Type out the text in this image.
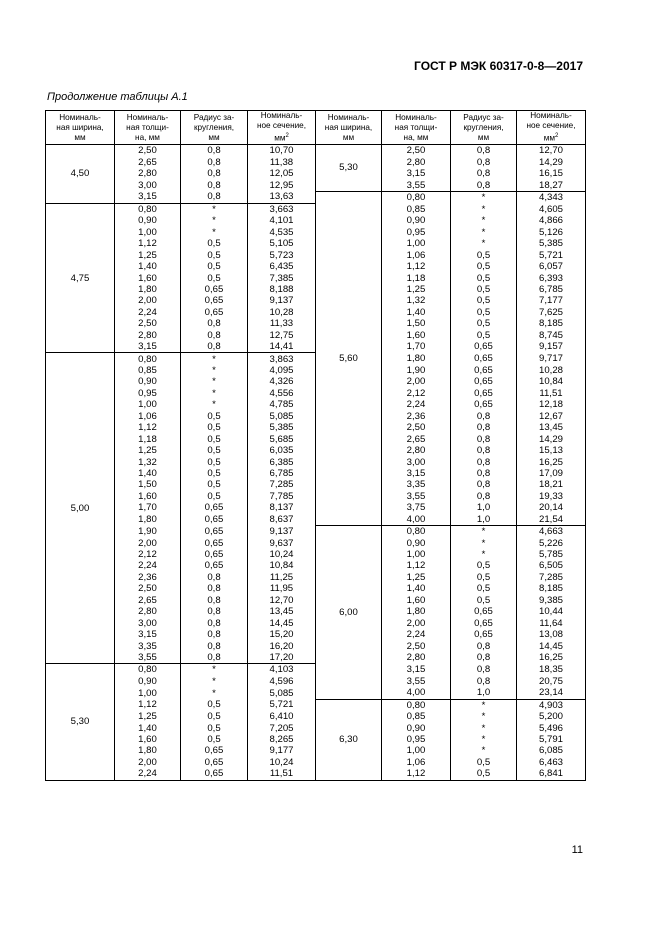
ГОСТ Р МЭК 60317-0-8—2017
Продолжение таблицы А.1
Номиналь-
ная ширина,
мм	Номиналь-
ная толщи-
на, мм	Радиус за-
кругления,
мм	Номиналь-
ное сечение,
$мм^2$	Номиналь-
ная ширина,
мм	Номиналь-
ная толщи-
на, мм	Радиус за-
кругления,
мм	Номиналь-
ное сечение,
$мм^2$
4,50	2,50	0,8	10,70	5,30	2,50	0,8	12,70
	2,65	0,8	11,38		2,80	0,8	14,29
	2,80	0,8	12,05		3,15	0,8	16,15
	3,00	0,8	12,95		3,55	0,8	18,27
	3,15	0,8	13,63	5,60	0,80	*	4,343
4,75	0,80	*	3,663		0,85	*	4,605
	0,90	*	4,101		0,90	*	4,866
	1,00	*	4,535		0,95	*	5,126
	1,12	0,5	5,105		1,00	*	5,385
	1,25	0,5	5,723		1,06	0,5	5,721
	1,40	0,5	6,435		1,12	0,5	6,057
	1,60	0,5	7,385		1,18	0,5	6,393
	1,80	0,65	8,188		1,25	0,5	6,785
	2,00	0,65	9,137		1,32	0,5	7,177
	2,24	0,65	10,28		1,40	0,5	7,625
	2,50	0,8	11,33		1,50	0,5	8,185
	2,80	0,8	12,75		1,60	0,5	8,745
	3,15	0,8	14,41		1,70	0,65	9,157
5,00	0,80	*	3,863		1,80	0,65	9,717
	0,85	*	4,095		1,90	0,65	10,28
	0,90	*	4,326		2,00	0,65	10,84
	0,95	*	4,556		2,12	0,65	11,51
	1,00	*	4,785		2,24	0,65	12,18
	1,06	0,5	5,085		2,36	0,8	12,67
	1,12	0,5	5,385		2,50	0,8	13,45
	1,18	0,5	5,685		2,65	0,8	14,29
	1,25	0,5	6,035		2,80	0,8	15,13
	1,32	0,5	6,385		3,00	0,8	16,25
	1,40	0,5	6,785		3,15	0,8	17,09
	1,50	0,5	7,285		3,35	0,8	18,21
	1,60	0,5	7,785		3,55	0,8	19,33
	1,70	0,65	8,137		3,75	1,0	20,14
	1,80	0,65	8,637		4,00	1,0	21,54
	1,90	0,65	9,137	6,00	0,80	*	4,663
	2,00	0,65	9,637		0,90	*	5,226
	2,12	0,65	10,24		1,00	*	5,785
	2,24	0,65	10,84		1,12	0,5	6,505
	2,36	0,8	11,25		1,25	0,5	7,285
	2,50	0,8	11,95		1,40	0,5	8,185
	2,65	0,8	12,70		1,60	0,5	9,385
	2,80	0,8	13,45		1,80	0,65	10,44
	3,00	0,8	14,45		2,00	0,65	11,64
	3,15	0,8	15,20		2,24	0,65	13,08
	3,35	0,8	16,20		2,50	0,8	14,45
	3,55	0,8	17,20		2,80	0,8	16,25
5,30	0,80	*	4,103		3,15	0,8	18,35
	0,90	*	4,596		3,55	0,8	20,75
	1,00	*	5,085		4,00	1,0	23,14
	1,12	0,5	5,721	6,30	0,80	*	4,903
	1,25	0,5	6,410		0,85	*	5,200
	1,40	0,5	7,205		0,90	*	5,496
	1,60	0,5	8,265		0,95	*	5,791
	1,80	0,65	9,177		1,00	*	6,085
	2,00	0,65	10,24		1,06	0,5	6,463
	2,24	0,65	11,51		1,12	0,5	6,841
11
